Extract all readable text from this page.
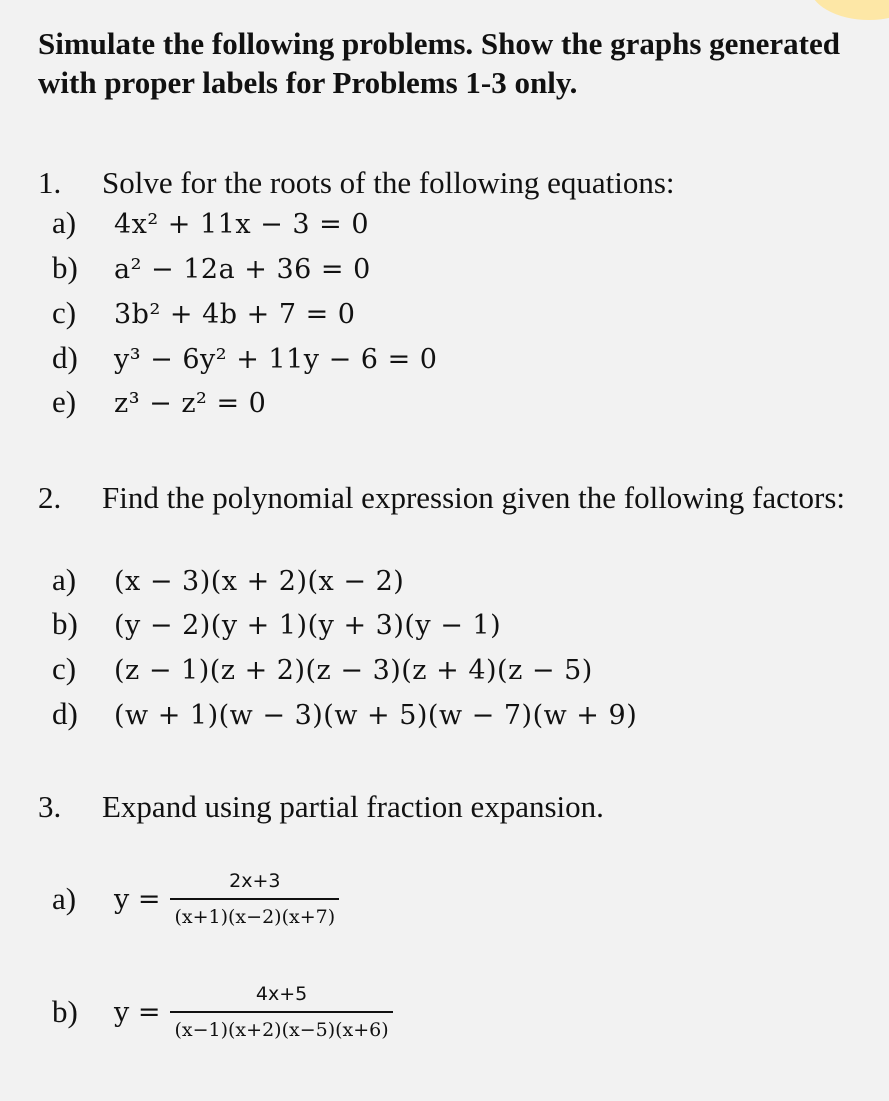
Simulate the following problems. Show the graphs generated with proper labels for Problems 1-3 only.

1. Solve for the roots of the following equations:
a) 4x² + 11x − 3 = 0
b) a² − 12a + 36 = 0
c) 3b² + 4b + 7 = 0
d) y³ − 6y² + 11y − 6 = 0
e) z³ − z² = 0
2. Find the polynomial expression given the following factors:
a) (x − 3)(x + 2)(x − 2)
b) (y − 2)(y + 1)(y + 3)(y − 1)
c) (z − 1)(z + 2)(z − 3)(z + 4)(z − 5)
d) (w + 1)(w − 3)(w + 5)(w − 7)(w + 9)
3. Expand using partial fraction expansion.
a)	$y = \frac{2x+3}{(x+1)(x-2)(x+7)}$
b)	$y = \frac{4x+5}{(x-1)(x+2)(x-5)(x+6)}$
